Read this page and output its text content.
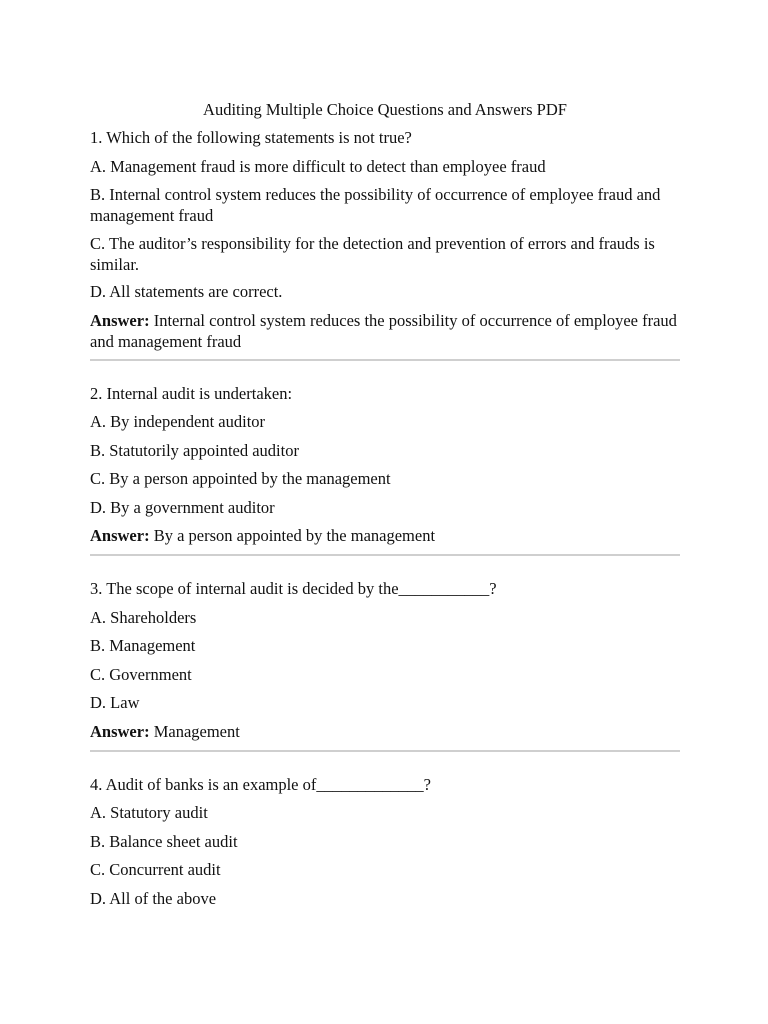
Auditing Multiple Choice Questions and Answers PDF
1. Which of the following statements is not true?
A. Management fraud is more difficult to detect than employee fraud
B. Internal control system reduces the possibility of occurrence of employee fraud and management fraud
C. The auditor’s responsibility for the detection and prevention of errors and frauds is similar.
D. All statements are correct.
Answer: Internal control system reduces the possibility of occurrence of employee fraud and management fraud
2. Internal audit is undertaken:
A. By independent auditor
B. Statutorily appointed auditor
C. By a person appointed by the management
D. By a government auditor
Answer: By a person appointed by the management
3. The scope of internal audit is decided by the___________?
A. Shareholders
B. Management
C. Government
D. Law
Answer: Management
4. Audit of banks is an example of_____________?
A. Statutory audit
B. Balance sheet audit
C. Concurrent audit
D. All of the above
